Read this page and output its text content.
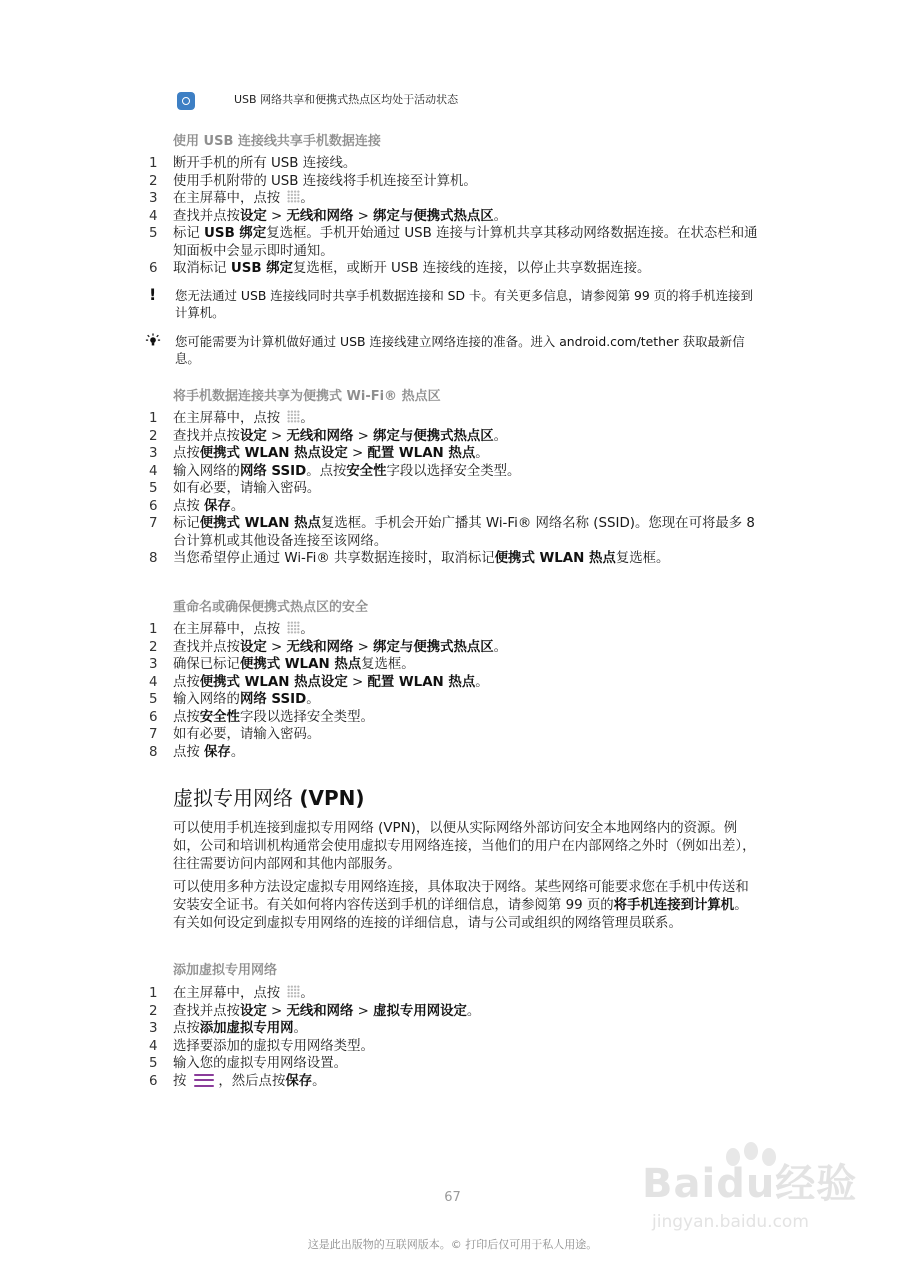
USB 网络共享和便携式热点区均处于活动状态
使用 USB 连接线共享手机数据连接
1 断开手机的所有 USB 连接线。
2 使用手机附带的 USB 连接线将手机连接至计算机。
3 在主屏幕中，点按 。
4 查找并点按设定 > 无线和网络 > 绑定与便携式热点区。
5 标记 USB 绑定复选框。手机开始通过 USB 连接与计算机共享其移动网络数据连接。在状态栏和通知面板中会显示即时通知。
6 取消标记 USB 绑定复选框，或断开 USB 连接线的连接，以停止共享数据连接。
! 您无法通过 USB 连接线同时共享手机数据连接和 SD 卡。有关更多信息，请参阅第 99 页的将手机连接到计算机。
您可能需要为计算机做好通过 USB 连接线建立网络连接的准备。进入 android.com/tether 获取最新信息。
将手机数据连接共享为便携式 Wi-Fi® 热点区
1 在主屏幕中，点按 。
2 查找并点按设定 > 无线和网络 > 绑定与便携式热点区。
3 点按便携式 WLAN 热点设定 > 配置 WLAN 热点。
4 输入网络的网络 SSID。点按安全性字段以选择安全类型。
5 如有必要，请输入密码。
6 点按 保存。
7 标记便携式 WLAN 热点复选框。手机会开始广播其 Wi-Fi® 网络名称 (SSID)。您现在可将最多 8 台计算机或其他设备连接至该网络。
8 当您希望停止通过 Wi-Fi® 共享数据连接时，取消标记便携式 WLAN 热点复选框。
重命名或确保便携式热点区的安全
1 在主屏幕中，点按 。
2 查找并点按设定 > 无线和网络 > 绑定与便携式热点区。
3 确保已标记便携式 WLAN 热点复选框。
4 点按便携式 WLAN 热点设定 > 配置 WLAN 热点。
5 输入网络的网络 SSID。
6 点按安全性字段以选择安全类型。
7 如有必要，请输入密码。
8 点按 保存。
虚拟专用网络 (VPN)
可以使用手机连接到虚拟专用网络 (VPN)，以便从实际网络外部访问安全本地网络内的资源。例如，公司和培训机构通常会使用虚拟专用网络连接，当他们的用户在内部网络之外时（例如出差），往往需要访问内部网和其他内部服务。
可以使用多种方法设定虚拟专用网络连接，具体取决于网络。某些网络可能要求您在手机中传送和安装安全证书。有关如何将内容传送到手机的详细信息，请参阅第 99 页的将手机连接到计算机。有关如何设定到虚拟专用网络的连接的详细信息，请与公司或组织的网络管理员联系。
添加虚拟专用网络
1 在主屏幕中，点按 。
2 查找并点按设定 > 无线和网络 > 虚拟专用网设定。
3 点按添加虚拟专用网。
4 选择要添加的虚拟专用网络类型。
5 输入您的虚拟专用网络设置。
6 按 ，然后点按保存。
67
这是此出版物的互联网版本。© 打印后仅可用于私人用途。
Baidu经验
jingyan.baidu.com
